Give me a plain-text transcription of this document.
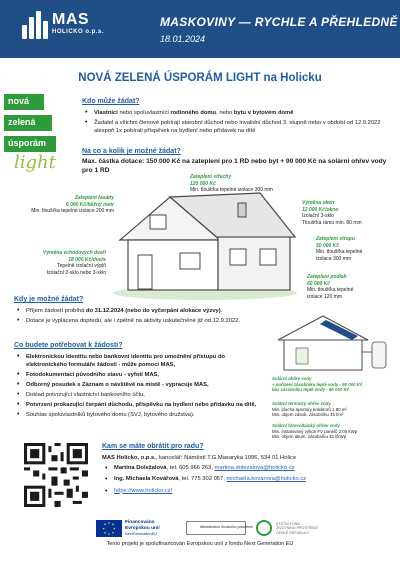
MAS
HOLICKO o.p.s.
MASKOVINY — RYCHLE A PŘEHLEDNĚ
18.01.2024
NOVÁ ZELENÁ ÚSPORÁM LIGHT na Holicku
nová
zelená
úsporám
light
Kdo může žádat?
• Vlastníci nebo spoluvlastníci rodinného domu, nebo bytu v bytovém domě
• Žadatel a všichni členové pobírají starobní důchod nebo invalidní důchod 3. stupně nebo v období od 12.9.2022 alespoň 1x pobírali příspěvek na bydlení nebo přídavek na dítě
Na co a kolik je možné žádat?
Max. částka dotace: 150 000 Kč na zateplení pro 1 RD nebo byt + 90 000 Kč na solární ohřev vody pro 1 RD
Zateplení střechy
120 000 Kč
Min. tloušťka tepelné izolace 300 mm
Zateplení fasády
6 000 Kč/běžný metr
Min. tloušťka tepelné izolace 200 mm
Výměna oken
12 000 Kč/okno
Izolační 3-sklo
Tloušťka rámu min. 80 mm
Zateplení stropu
50 000 Kč
Min. tloušťka tepelné
izolace 300 mm
Výměna vchodových dveří
18 000 Kč/dveře
Tepelně izolační výplň
Izolační 2-sklo nebo 3-sklo
Zateplení podlah
60 000 Kč
Min. tloušťka tepelné
izolace 120 mm
Kdy je možné žádat?
• Příjem žádostí probíhá do 31.12.2024 (nebo do vyčerpání alokace výzvy).
• Dotace je vyplácena dopředu, ale i zpětně na aktivity uskutečněné již od 12.9.2022.
Co budete potřebovat k žádosti?
• Elektronickou identitu nebo bankovní identitu pro umožnění přístupu do elektronického formuláře žádosti - může pomoci MAS,
• Fotodokumentaci původního stavu - vyfotí MAS,
• Odborný posudek s Záznam o návštěvě na místě - vypracuje MAS,
• Doklad potvrzující vlastnictví bankovního účtu,
• Potvrzení prokazující čerpání důchodu, příspěvku na bydlení nebo přídavku na dítě,
• Souhlas spoluvlastníků bytového domu (SVJ, bytového družstva).
Solární ohřev vody
+ pořízení zásobníku teplé vody - 90 000 Kč
bez zásobníku teplé vody - 60 000 Kč
Solární termický ohřev vody
Min. plocha apertury kolektorů 1,80 m²
Min. objem zásob. zásobníku 45 l/m²
Solární fotovoltaický ohřev vody
Min. instalovaný výkon FV panelů 2,00 kWp
Min. objem akum. zásobníku 45 l/kWp
Kam se máte obrátit pro radu?
MAS Holicko, o.p.s., kancelář: Náměstí T.G.Masaryka 1096, 534 01 Holice
• Martina Doležalová, tel. 605 966 263, martina.dolezalova@holicko.cz
• Ing. Michaela Kovářová, tel. 775 302 057, michaela.kovarova@holicko.cz
• https://www.holicko.cz/
Financováno
Evropskou unií
NextGenerationEU
Ministerstvo životního prostředí
STÁTNÍ FOND
ŽIVOTNÍHO PROSTŘEDÍ
ČESKÉ REPUBLIKY
Tento projekt je spolufinancován Evropskou unií z fondu Next Generation EU
